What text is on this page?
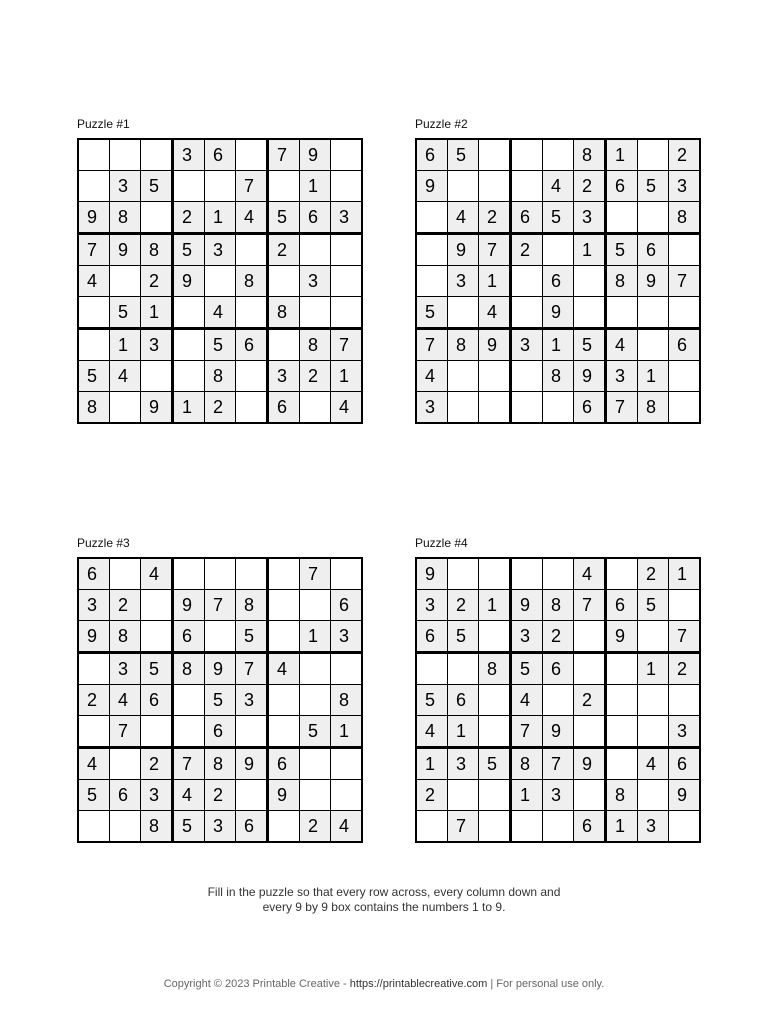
Puzzle #1
			3	6		7	9	
	3	5			7		1	
9	8		2	1	4	5	6	3
7	9	8	5	3		2		
4		2	9		8		3	
	5	1		4		8		
	1	3		5	6		8	7
5	4			8		3	2	1
8		9	1	2		6		4
Puzzle #2
6	5				8	1		2
9				4	2	6	5	3
	4	2	6	5	3			8
	9	7	2		1	5	6	
	3	1		6		8	9	7
5		4		9				
7	8	9	3	1	5	4		6
4				8	9	3	1	
3					6	7	8	
Puzzle #3
6		4					7	
3	2		9	7	8			6
9	8		6		5		1	3
	3	5	8	9	7	4		
2	4	6		5	3			8
	7			6			5	1
4		2	7	8	9	6		
5	6	3	4	2		9		
		8	5	3	6		2	4
Puzzle #4
9					4		2	1
3	2	1	9	8	7	6	5	
6	5		3	2		9		7
		8	5	6			1	2
5	6		4		2			
4	1		7	9				3
1	3	5	8	7	9		4	6
2			1	3		8		9
	7				6	1	3	
Fill in the puzzle so that every row across, every column down and
every 9 by 9 box contains the numbers 1 to 9.
Copyright © 2023 Printable Creative - https://printablecreative.com | For personal use only.
